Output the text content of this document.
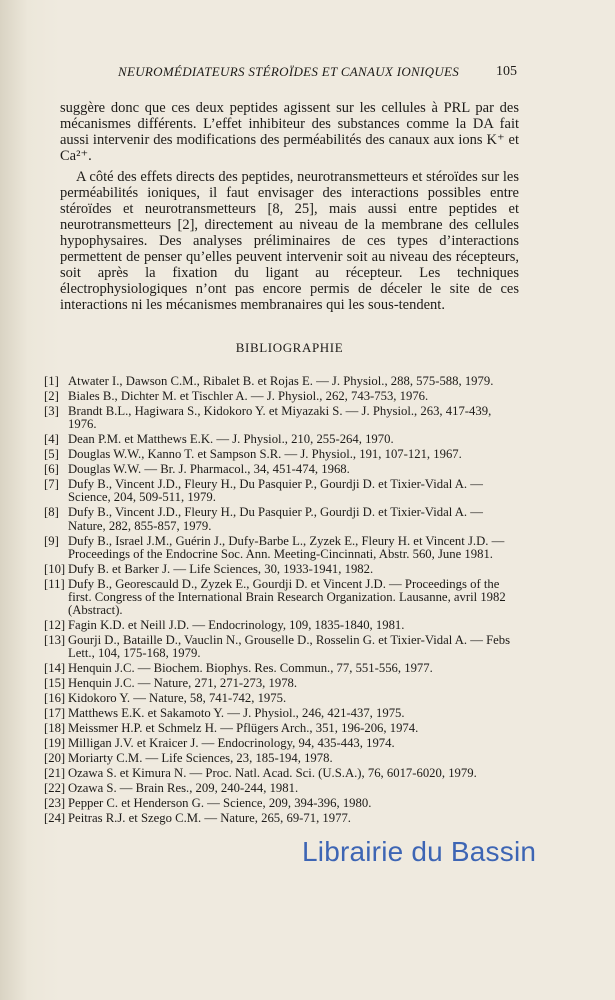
NEUROMÉDIATEURS STÉROÏDES ET CANAUX IONIQUES	105

suggère donc que ces deux peptides agissent sur les cellules à PRL par des mécanismes différents. L’effet inhibiteur des substances comme la DA fait aussi intervenir des modifications des perméabilités des canaux aux ions K⁺ et Ca²⁺.

A côté des effets directs des peptides, neurotransmetteurs et stéroïdes sur les perméabilités ioniques, il faut envisager des interactions possibles entre stéroïdes et neurotransmetteurs [8, 25], mais aussi entre peptides et neurotransmetteurs [2], directement au niveau de la membrane des cellules hypophysaires. Des analyses préliminaires de ces types d’interactions permettent de penser qu’elles peuvent intervenir soit au niveau des récepteurs, soit après la fixation du ligant au récepteur. Les techniques électrophysiologiques n’ont pas encore permis de déceler le site de ces interactions ni les mécanismes membranaires qui les sous-tendent.

BIBLIOGRAPHIE
[1] Atwater I., Dawson C.M., Ribalet B. et Rojas E. — J. Physiol., 288, 575-588, 1979.
[2] Biales B., Dichter M. et Tischler A. — J. Physiol., 262, 743-753, 1976.
[3] Brandt B.L., Hagiwara S., Kidokoro Y. et Miyazaki S. — J. Physiol., 263, 417-439, 1976.
[4] Dean P.M. et Matthews E.K. — J. Physiol., 210, 255-264, 1970.
[5] Douglas W.W., Kanno T. et Sampson S.R. — J. Physiol., 191, 107-121, 1967.
[6] Douglas W.W. — Br. J. Pharmacol., 34, 451-474, 1968.
[7] Dufy B., Vincent J.D., Fleury H., Du Pasquier P., Gourdji D. et Tixier-Vidal A. — Science, 204, 509-511, 1979.
[8] Dufy B., Vincent J.D., Fleury H., Du Pasquier P., Gourdji D. et Tixier-Vidal A. — Nature, 282, 855-857, 1979.
[9] Dufy B., Israel J.M., Guérin J., Dufy-Barbe L., Zyzek E., Fleury H. et Vincent J.D. — Proceedings of the Endocrine Soc. Ann. Meeting-Cincinnati, Abstr. 560, June 1981.
[10] Dufy B. et Barker J. — Life Sciences, 30, 1933-1941, 1982.
[11] Dufy B., Georescauld D., Zyzek E., Gourdji D. et Vincent J.D. — Proceedings of the first. Congress of the International Brain Research Organization. Lausanne, avril 1982 (Abstract).
[12] Fagin K.D. et Neill J.D. — Endocrinology, 109, 1835-1840, 1981.
[13] Gourji D., Bataille D., Vauclin N., Grouselle D., Rosselin G. et Tixier-Vidal A. — Febs Lett., 104, 175-168, 1979.
[14] Henquin J.C. — Biochem. Biophys. Res. Commun., 77, 551-556, 1977.
[15] Henquin J.C. — Nature, 271, 271-273, 1978.
[16] Kidokoro Y. — Nature, 58, 741-742, 1975.
[17] Matthews E.K. et Sakamoto Y. — J. Physiol., 246, 421-437, 1975.
[18] Meissmer H.P. et Schmelz H. — Pflügers Arch., 351, 196-206, 1974.
[19] Milligan J.V. et Kraicer J. — Endocrinology, 94, 435-443, 1974.
[20] Moriarty C.M. — Life Sciences, 23, 185-194, 1978.
[21] Ozawa S. et Kimura N. — Proc. Natl. Acad. Sci. (U.S.A.), 76, 6017-6020, 1979.
[22] Ozawa S. — Brain Res., 209, 240-244, 1981.
[23] Pepper C. et Henderson G. — Science, 209, 394-396, 1980.
[24] Peitras R.J. et Szego C.M. — Nature, 265, 69-71, 1977.
Librairie du Bassin
